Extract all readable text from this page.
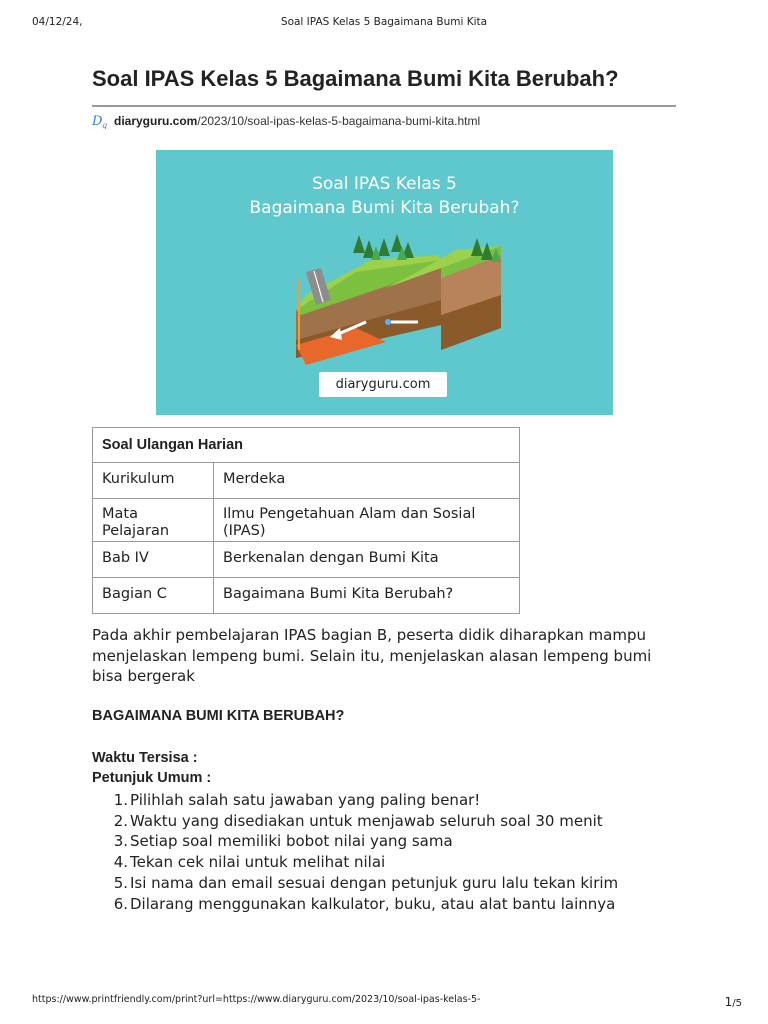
04/12/24,	Soal IPAS Kelas 5 Bagaimana Bumi Kita
Soal IPAS Kelas 5 Bagaimana Bumi Kita Berubah?
D g diaryguru.com /2023/10/soal-ipas-kelas-5-bagaimana-bumi-kita.html
Soal IPAS Kelas 5
Bagaimana Bumi Kita Berubah?
diaryguru.com
Soal Ulangan Harian	
Kurikulum	Merdeka
Mata Pelajaran	Ilmu Pengetahuan Alam dan Sosial (IPAS)
Bab IV	Berkenalan dengan Bumi Kita
Bagian C	Bagaimana Bumi Kita Berubah?

Pada akhir pembelajaran IPAS bagian B, peserta didik diharapkan mampu menjelaskan lempeng bumi. Selain itu, menjelaskan alasan lempeng bumi bisa bergerak

BAGAIMANA BUMI KITA BERUBAH?
Waktu Tersisa :
Petunjuk Umum :
1. Pilihlah salah satu jawaban yang paling benar!
2. Waktu yang disediakan untuk menjawab seluruh soal 30 menit
3. Setiap soal memiliki bobot nilai yang sama
4. Tekan cek nilai untuk melihat nilai
5. Isi nama dan email sesuai dengan petunjuk guru lalu tekan kirim
6. Dilarang menggunakan kalkulator, buku, atau alat bantu lainnya
https://www.printfriendly.com/print?url=https://www.diaryguru.com/2023/10/soal-ipas-kelas-5-	1/5
